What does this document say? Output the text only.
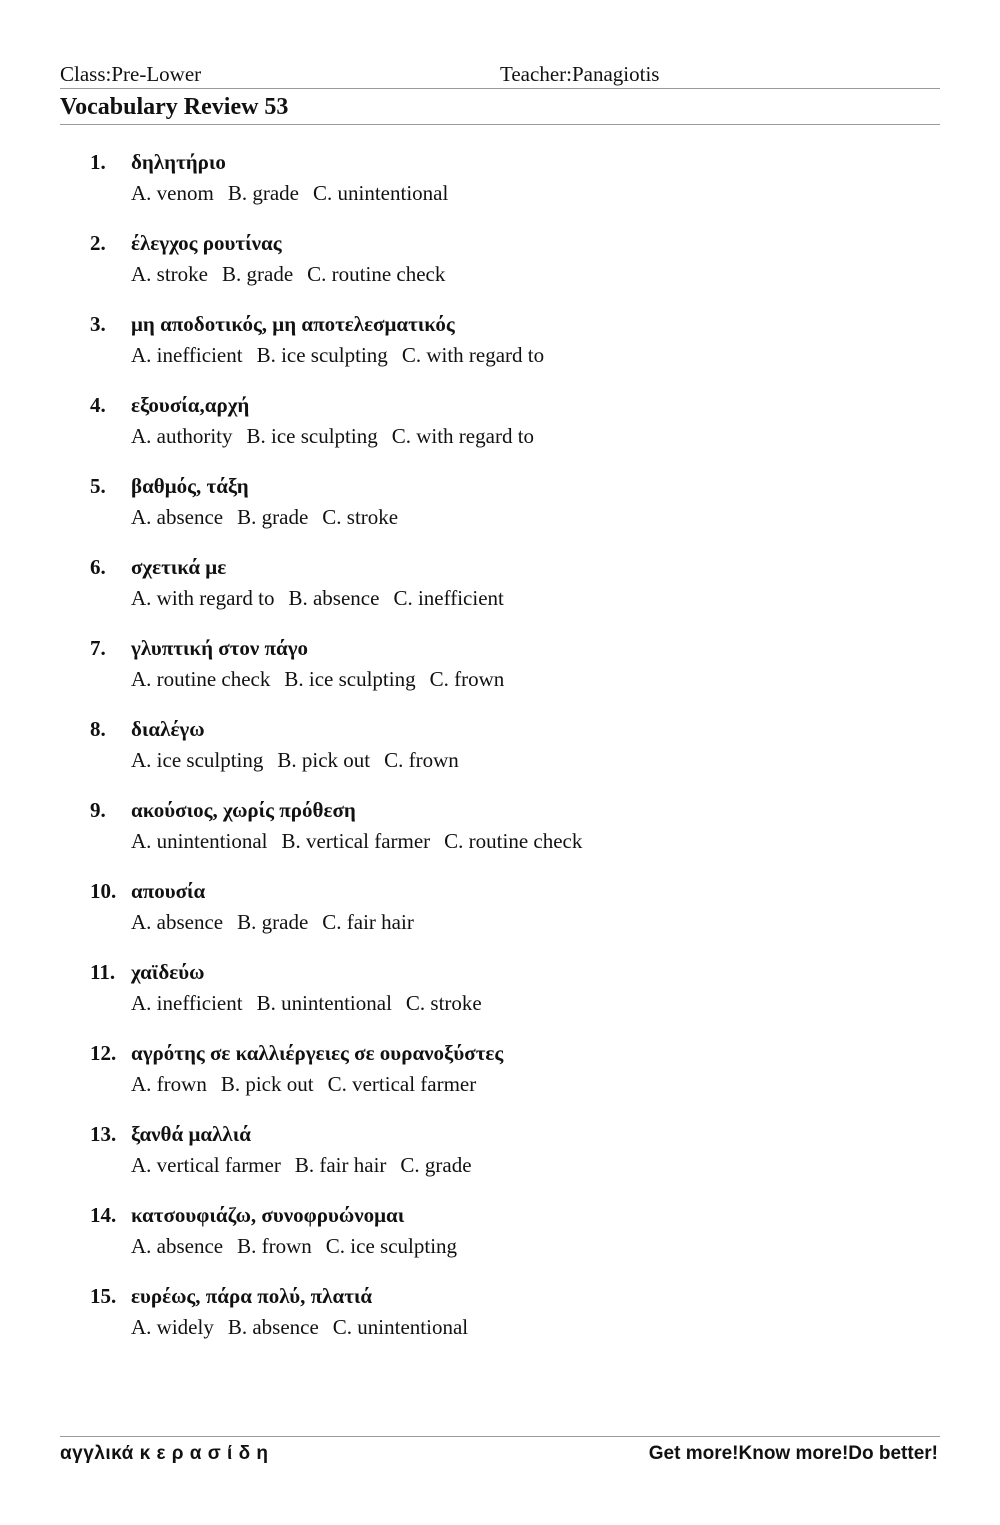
Class:Pre-Lower	Teacher:Panagiotis
Vocabulary Review 53
1. δηλητήριο
A. venom B. grade C. unintentional
2. έλεγχος ρουτίνας
A. stroke B. grade C. routine check
3. μη αποδοτικός, μη αποτελεσματικός
A. inefficient B. ice sculpting C. with regard to
4. εξουσία,αρχή
A. authority B. ice sculpting C. with regard to
5. βαθμός, τάξη
A. absence B. grade C. stroke
6. σχετικά με
A. with regard to B. absence C. inefficient
7. γλυπτική στον πάγο
A. routine check B. ice sculpting C. frown
8. διαλέγω
A. ice sculpting B. pick out C. frown
9. ακούσιος, χωρίς πρόθεση
A. unintentional B. vertical farmer C. routine check
10. απουσία
A. absence B. grade C. fair hair
11. χαϊδεύω
A. inefficient B. unintentional C. stroke
12. αγρότης σε καλλιέργειες σε ουρανοξύστες
A. frown B. pick out C. vertical farmer
13. ξανθά μαλλιά
A. vertical farmer B. fair hair C. grade
14. κατσουφιάζω, συνοφρυώνομαι
A. absence B. frown C. ice sculpting
15. ευρέως, πάρα πολύ, πλατιά
A. widely B. absence C. unintentional
αγγλικά κ ε ρ α σ ί δ η	Get more!Know more!Do better!
